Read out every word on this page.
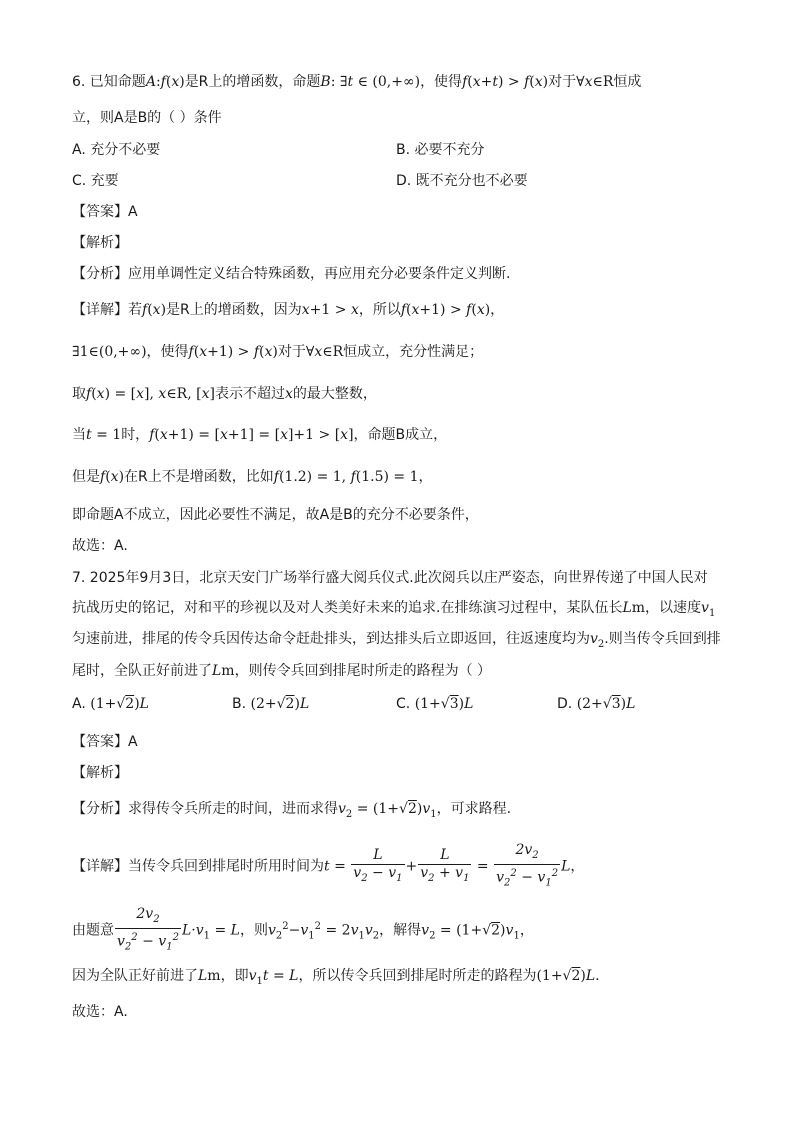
6. 已知命题A:f(x)是R上的增函数，命题B: ∃t ∈ (0,+∞)，使得f(x+t) > f(x)对于∀x∈R恒成
立，则A是B的（ ）条件
A. 充分不必要	B. 必要不充分
C. 充要	D. 既不充分也不必要
【答案】A
【解析】
【分析】应用单调性定义结合特殊函数，再应用充分必要条件定义判断.
【详解】若f(x)是R上的增函数，因为x+1 > x，所以f(x+1) > f(x)，
∃1∈(0,+∞)，使得f(x+1) > f(x)对于∀x∈R恒成立，充分性满足；
取f(x) = [x], x∈R, [x]表示不超过x的最大整数，
当t = 1时，f(x+1) = [x+1] = [x]+1 > [x]，命题B成立，
但是f(x)在R上不是增函数，比如f(1.2) = 1, f(1.5) = 1，
即命题A不成立，因此必要性不满足，故A是B的充分不必要条件，
故选：A.
7. 2025年9月3日，北京天安门广场举行盛大阅兵仪式.此次阅兵以庄严姿态，向世界传递了中国人民对
抗战历史的铭记，对和平的珍视以及对人类美好未来的追求.在排练演习过程中，某队伍长Lm，以速度$v_1$
匀速前进，排尾的传令兵因传达命令赶赴排头，到达排头后立即返回，往返速度均为$v_2$.则当传令兵回到排
尾时，全队正好前进了Lm，则传令兵回到排尾时所走的路程为（ ）
A. (1+√2)L	B. (2+√2)L	C. (1+√3)L	D. (2+√3)L
【答案】A
【解析】
【分析】求得传令兵所走的时间，进而求得$v_2 = (1+√2)v_1$，可求路程.
【详解】当传令兵回到排尾时所用时间为$t = \frac{L}{v_2 - v_1} + \frac{L}{v_2 + v_1} = \frac{2v_2}{v_2^2 - v_1^2}$ L，
由题意 $\frac{2v_2}{v_2^2 - v_1^2} L\cdot v_1 = L$，则$v_2^2-v_1^2 = 2v_1v_2$，解得$v_2 = (1+√2)v_1$，
因为全队正好前进了Lm，即$v_1t = L$，所以传令兵回到排尾时所走的路程为(1+√2)L.
故选：A.
